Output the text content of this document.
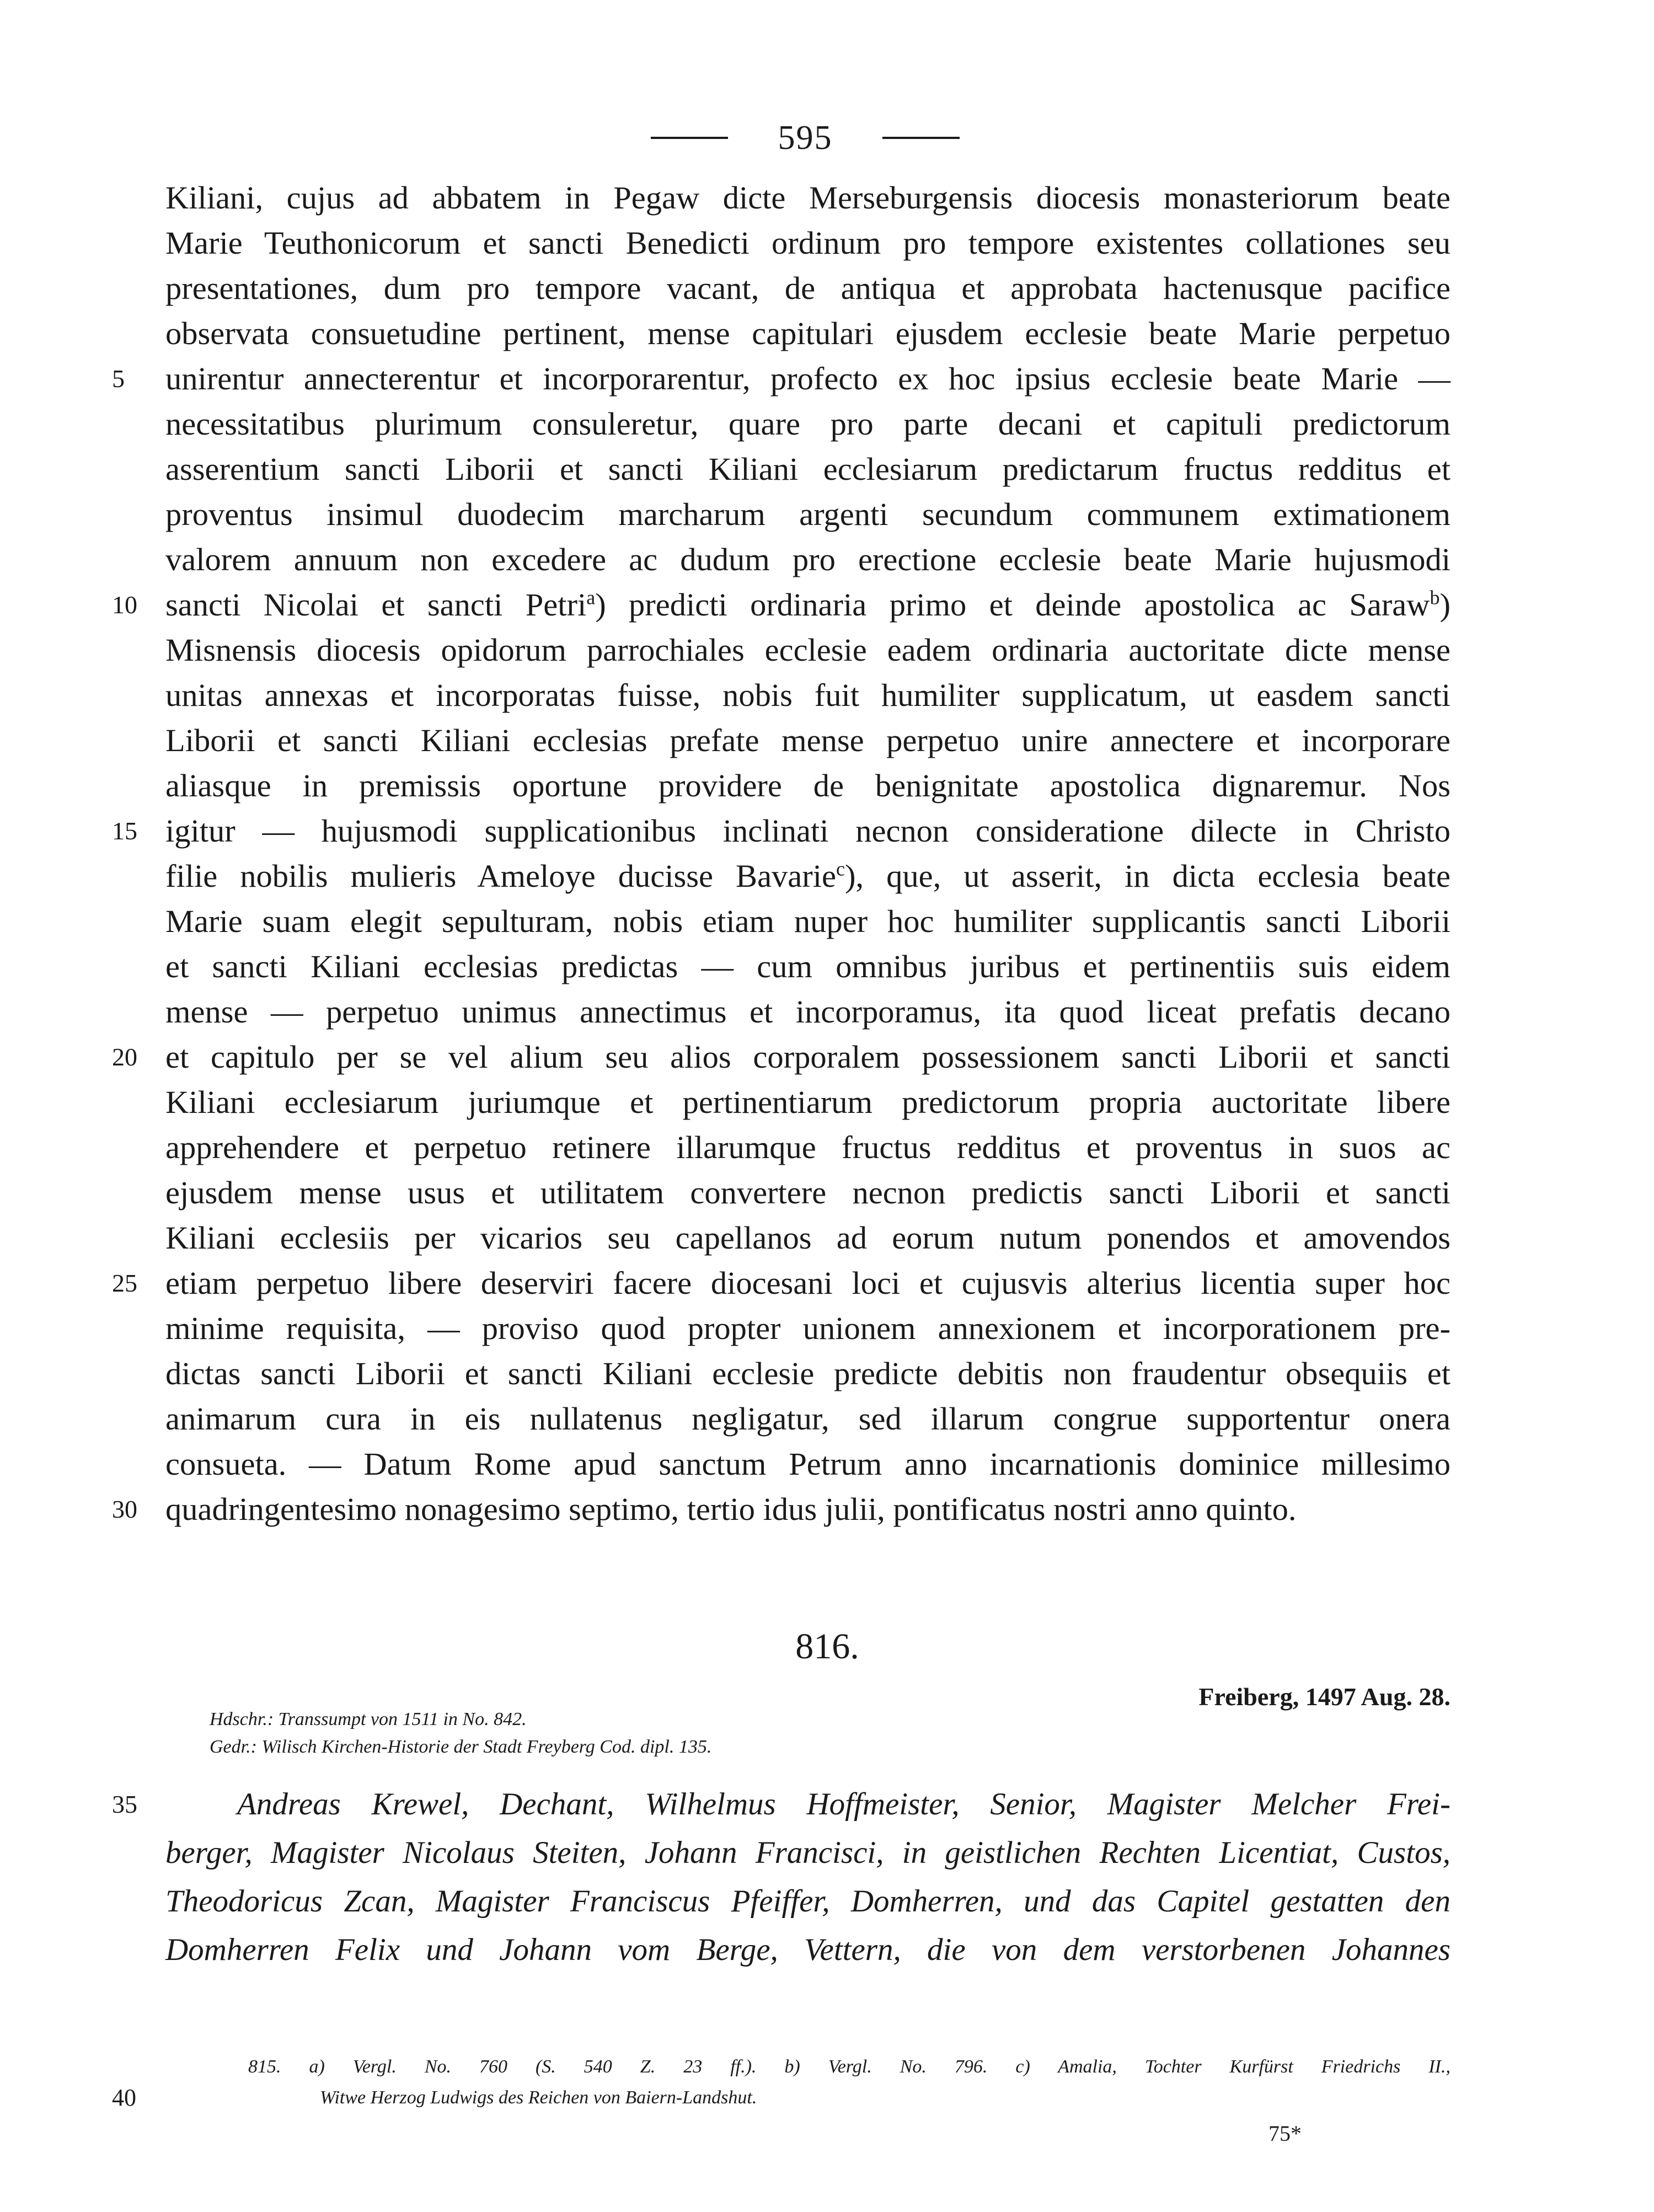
595
Kiliani, cujus ad abbatem in Pegaw dicte Merseburgensis diocesis monasteriorum beate
Marie Teuthonicorum et sancti Benedicti ordinum pro tempore existentes collationes seu
presentationes, dum pro tempore vacant, de antiqua et approbata hactenusque pacifice
observata consuetudine pertinent, mense capitulari ejusdem ecclesie beate Marie perpetuo
5	unirentur annecterentur et incorporarentur, profecto ex hoc ipsius ecclesie beate Marie —
necessitatibus plurimum consuleretur, quare pro parte decani et capituli predictorum
asserentium sancti Liborii et sancti Kiliani ecclesiarum predictarum fructus redditus et
proventus insimul duodecim marcharum argenti secundum communem extimationem
valorem annuum non excedere ac dudum pro erectione ecclesie beate Marie hujusmodi
10 sancti Nicolai et sancti Petri$^a$) predicti ordinaria primo et deinde apostolica ac Saraw$^b$)
Misnensis diocesis opidorum parrochiales ecclesie eadem ordinaria auctoritate dicte mense
unitas annexas et incorporatas fuisse, nobis fuit humiliter supplicatum, ut easdem sancti
Liborii et sancti Kiliani ecclesias prefate mense perpetuo unire annectere et incorporare
aliasque in premissis oportune providere de benignitate apostolica dignaremur. Nos
15 igitur — hujusmodi supplicationibus inclinati necnon consideratione dilecte in Christo
filie nobilis mulieris Ameloye ducisse Bavarie$^c$), que, ut asserit, in dicta ecclesia beate
Marie suam elegit sepulturam, nobis etiam nuper hoc humiliter supplicantis sancti Liborii
et sancti Kiliani ecclesias predictas — cum omnibus juribus et pertinentiis suis eidem
mense — perpetuo unimus annectimus et incorporamus, ita quod liceat prefatis decano
20 et capitulo per se vel alium seu alios corporalem possessionem sancti Liborii et sancti
Kiliani ecclesiarum juriumque et pertinentiarum predictorum propria auctoritate libere
apprehendere et perpetuo retinere illarumque fructus redditus et proventus in suos ac
ejusdem mense usus et utilitatem convertere necnon predictis sancti Liborii et sancti
Kiliani ecclesiis per vicarios seu capellanos ad eorum nutum ponendos et amovendos
25 etiam perpetuo libere deserviri facere diocesani loci et cujusvis alterius licentia super hoc
minime requisita, — proviso quod propter unionem annexionem et incorporationem pre-
dictas sancti Liborii et sancti Kiliani ecclesie predicte debitis non fraudentur obsequiis et
animarum cura in eis nullatenus negligatur, sed illarum congrue supportentur onera
consueta. — Datum Rome apud sanctum Petrum anno incarnationis dominice millesimo
30 quadringentesimo nonagesimo septimo, tertio idus julii, pontificatus nostri anno quinto.
816.
Freiberg, 1497 Aug. 28.
Hdschr.: Transsumpt von 1511 in No. 842.
Gedr.: Wilisch Kirchen-Historie der Stadt Freyberg Cod. dipl. 135.
35	Andreas Krewel, Dechant, Wilhelmus Hoffmeister, Senior, Magister Melcher Frei-
berger, Magister Nicolaus Steiten, Johann Francisci, in geistlichen Rechten Licentiat, Custos,
Theodoricus Zcan, Magister Franciscus Pfeiffer, Domherren, und das Capitel gestatten den
Domherren Felix und Johann vom Berge, Vettern, die von dem verstorbenen Johannes
815. a) Vergl. No. 760 (S. 540 Z. 23 ff.). b) Vergl. No. 796. c) Amalia, Tochter Kurfürst Friedrichs II.,
40	Witwe Herzog Ludwigs des Reichen von Baiern-Landshut.
75*
